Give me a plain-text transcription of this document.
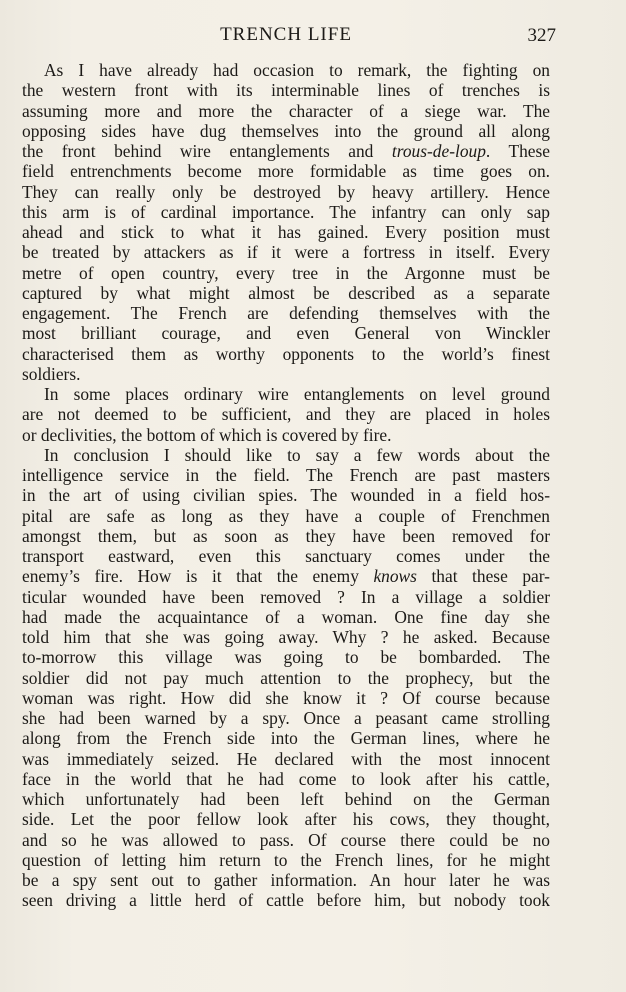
TRENCH LIFE	327
As I have already had occasion to remark, the fighting on
the western front with its interminable lines of trenches is
assuming more and more the character of a siege war. The
opposing sides have dug themselves into the ground all along
the front behind wire entanglements and trous-de-loup. These
field entrenchments become more formidable as time goes on.
They can really only be destroyed by heavy artillery. Hence
this arm is of cardinal importance. The infantry can only sap
ahead and stick to what it has gained. Every position must
be treated by attackers as if it were a fortress in itself. Every
metre of open country, every tree in the Argonne must be
captured by what might almost be described as a separate
engagement. The French are defending themselves with the
most brilliant courage, and even General von Winckler
characterised them as worthy opponents to the world’s finest
soldiers.
In some places ordinary wire entanglements on level ground
are not deemed to be sufficient, and they are placed in holes
or declivities, the bottom of which is covered by fire.
In conclusion I should like to say a few words about the
intelligence service in the field. The French are past masters
in the art of using civilian spies. The wounded in a field hos-
pital are safe as long as they have a couple of Frenchmen
amongst them, but as soon as they have been removed for
transport eastward, even this sanctuary comes under the
enemy’s fire. How is it that the enemy knows that these par-
ticular wounded have been removed ? In a village a soldier
had made the acquaintance of a woman. One fine day she
told him that she was going away. Why ? he asked. Because
to-morrow this village was going to be bombarded. The
soldier did not pay much attention to the prophecy, but the
woman was right. How did she know it ? Of course because
she had been warned by a spy. Once a peasant came strolling
along from the French side into the German lines, where he
was immediately seized. He declared with the most innocent
face in the world that he had come to look after his cattle,
which unfortunately had been left behind on the German
side. Let the poor fellow look after his cows, they thought,
and so he was allowed to pass. Of course there could be no
question of letting him return to the French lines, for he might
be a spy sent out to gather information. An hour later he was
seen driving a little herd of cattle before him, but nobody took
